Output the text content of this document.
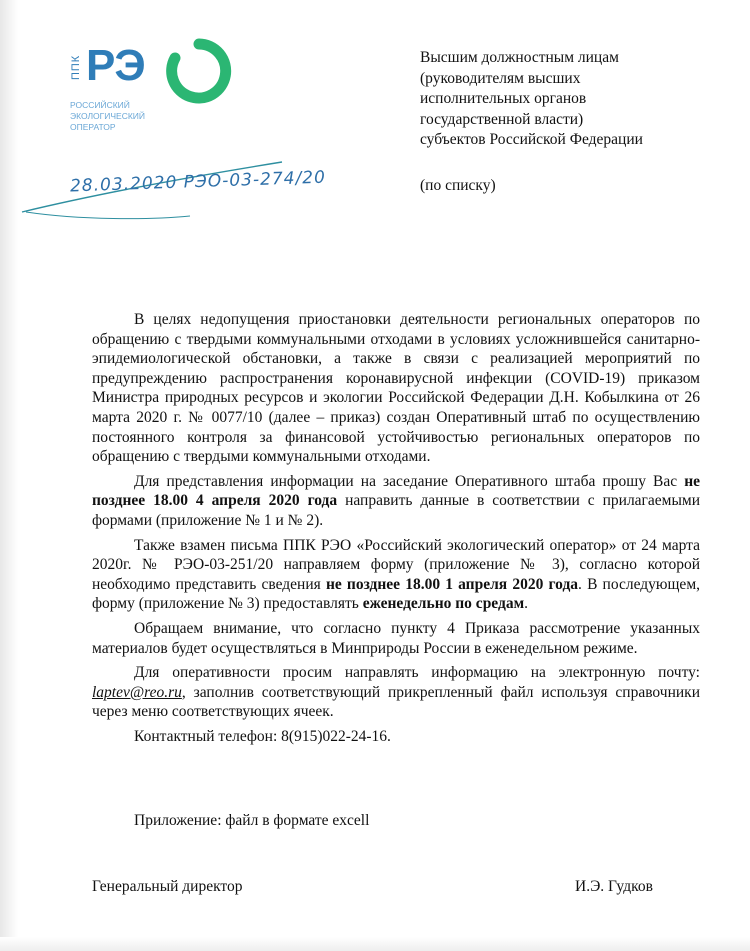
ППК РЭ
РОССИЙСКИЙ
ЭКОЛОГИЧЕСКИЙ
ОПЕРАТОР
Высшим должностным лицам
(руководителям высших
исполнительных органов
государственной власти)
субъектов Российской Федерации
(по списку)
28.03.2020 РЭО-03-274/20

В целях недопущения приостановки деятельности региональных операторов по обращению с твердыми коммунальными отходами в условиях усложнившейся санитарно-эпидемиологической обстановки, а также в связи с реализацией мероприятий по предупреждению распространения коронавирусной инфекции (COVID-19) приказом Министра природных ресурсов и экологии Российской Федерации Д.Н. Кобылкина от 26 марта 2020 г. № 0077/10 (далее – приказ) создан Оперативный штаб по осуществлению постоянного контроля за финансовой устойчивостью региональных операторов по обращению с твердыми коммунальными отходами.

Для представления информации на заседание Оперативного штаба прошу Вас не позднее 18.00 4 апреля 2020 года направить данные в соответствии с прилагаемыми формами (приложение № 1 и № 2).

Также взамен письма ППК РЭО «Российский экологический оператор» от 24 марта 2020г. № РЭО-03-251/20 направляем форму (приложение № 3), согласно которой необходимо представить сведения не позднее 18.00 1 апреля 2020 года. В последующем, форму (приложение № 3) предоставлять еженедельно по средам.

Обращаем внимание, что согласно пункту 4 Приказа рассмотрение указанных материалов будет осуществляться в Минприроды России в еженедельном режиме.

Для оперативности просим направлять информацию на электронную почту: laptev@reo.ru, заполнив соответствующий прикрепленный файл используя справочники через меню соответствующих ячеек.

Контактный телефон: 8(915)022-24-16.

Приложение: файл в формате excell
Генеральный директор	И.Э. Гудков
